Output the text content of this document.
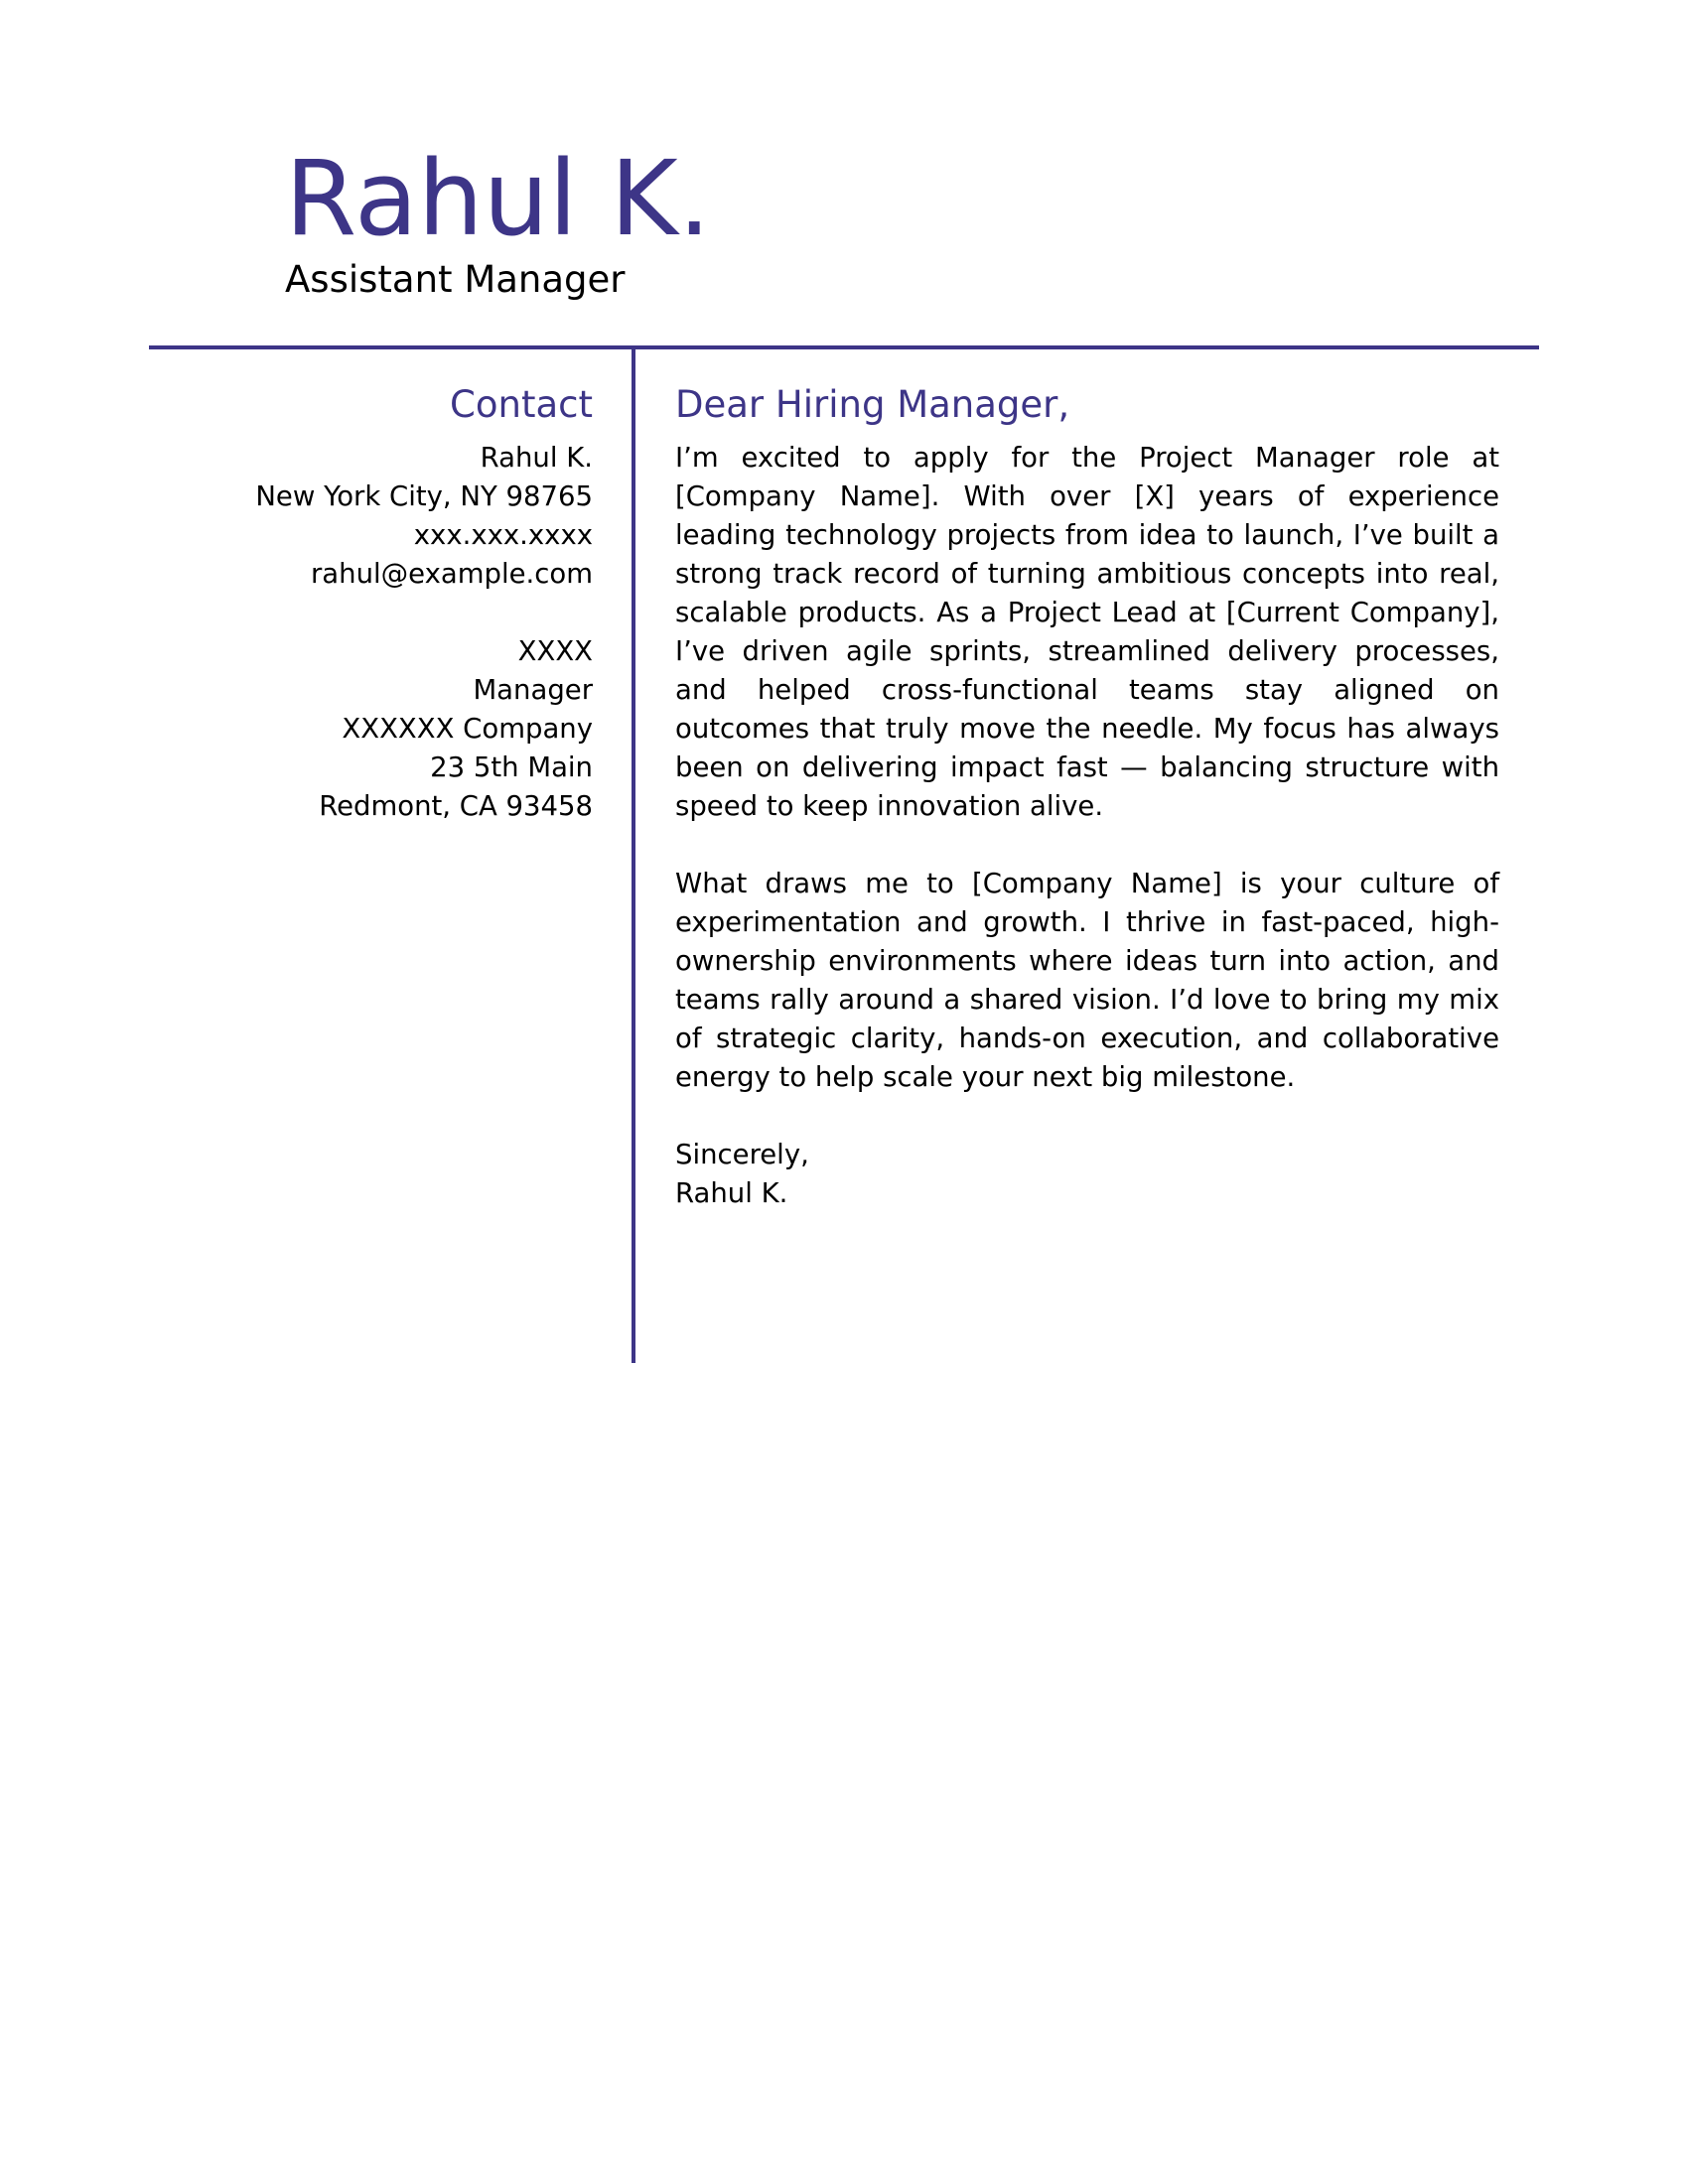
Rahul K.
Assistant Manager
Contact
Rahul K.
New York City, NY 98765
xxx.xxx.xxxx
rahul@example.com
XXXX
Manager
XXXXXX Company
23 5th Main
Redmont, CA 93458
Dear Hiring Manager,

I’m excited to apply for the Project Manager role at [Company Name]. With over [X] years of experience leading technology projects from idea to launch, I’ve built a strong track record of turning ambitious concepts into real, scalable products. As a Project Lead at [Current Company], I’ve driven agile sprints, streamlined delivery processes, and helped cross-functional teams stay aligned on outcomes that truly move the needle. My focus has always been on delivering impact fast — balancing structure with speed to keep innovation alive.

What draws me to [Company Name] is your culture of experimentation and growth. I thrive in fast-paced, high-ownership environments where ideas turn into action, and teams rally around a shared vision. I’d love to bring my mix of strategic clarity, hands-on execution, and collaborative energy to help scale your next big milestone.

Sincerely,
Rahul K.
